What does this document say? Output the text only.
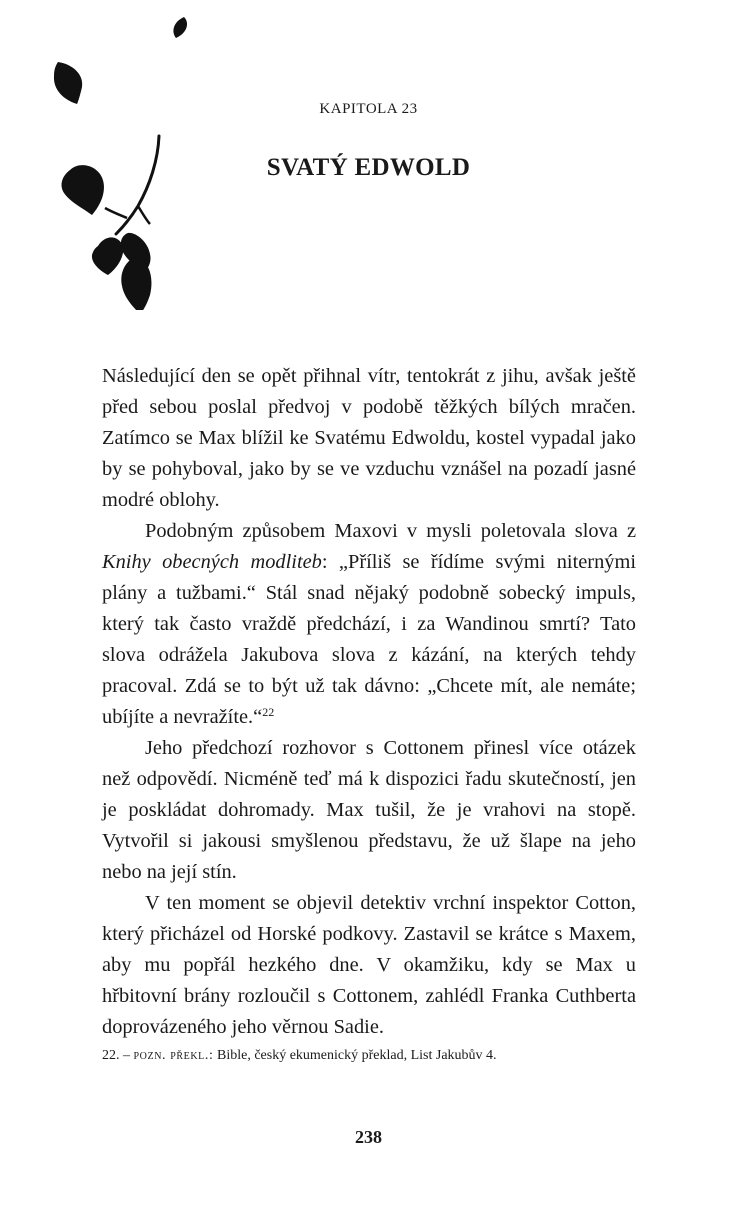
KAPITOLA 23
SVATÝ EDWOLD

Následující den se opět přihnal vítr, tentokrát z jihu, avšak ještě před sebou poslal předvoj v podobě těžkých bílých mračen. Zatímco se Max blížil ke Svatému Edwoldu, kostel vypadal jako by se pohyboval, jako by se ve vzduchu vznášel na pozadí jasné modré oblohy.

Podobným způsobem Maxovi v mysli poletovala slova z Knihy obecných modliteb: „Příliš se řídíme svými niternými plány a tužbami.“ Stál snad nějaký podobně sobecký impuls, který tak často vraždě předchází, i za Wandinou smrtí? Tato slova odrážela Jakubova slova z kázání, na kterých tehdy pracoval. Zdá se to být už tak dávno: „Chcete mít, ale nemáte; ubíjíte a nevražíte.“$^{22}$

Jeho předchozí rozhovor s Cottonem přinesl více otázek než odpovědí. Nicméně teď má k dispozici řadu skutečností, jen je poskládat dohromady. Max tušil, že je vrahovi na stopě. Vytvořil si jakousi smyšlenou představu, že už šlape na jeho nebo na její stín.

V ten moment se objevil detektiv vrchní inspektor Cotton, který přicházel od Horské podkovy. Zastavil se krátce s Maxem, aby mu popřál hezkého dne. V okamžiku, kdy se Max u hřbitovní brány rozloučil s Cottonem, zahlédl Franka Cuthberta doprovázeného jeho věrnou Sadie.

22. – pozn. překl.: Bible, český ekumenický překlad, List Jakubův 4.
238
